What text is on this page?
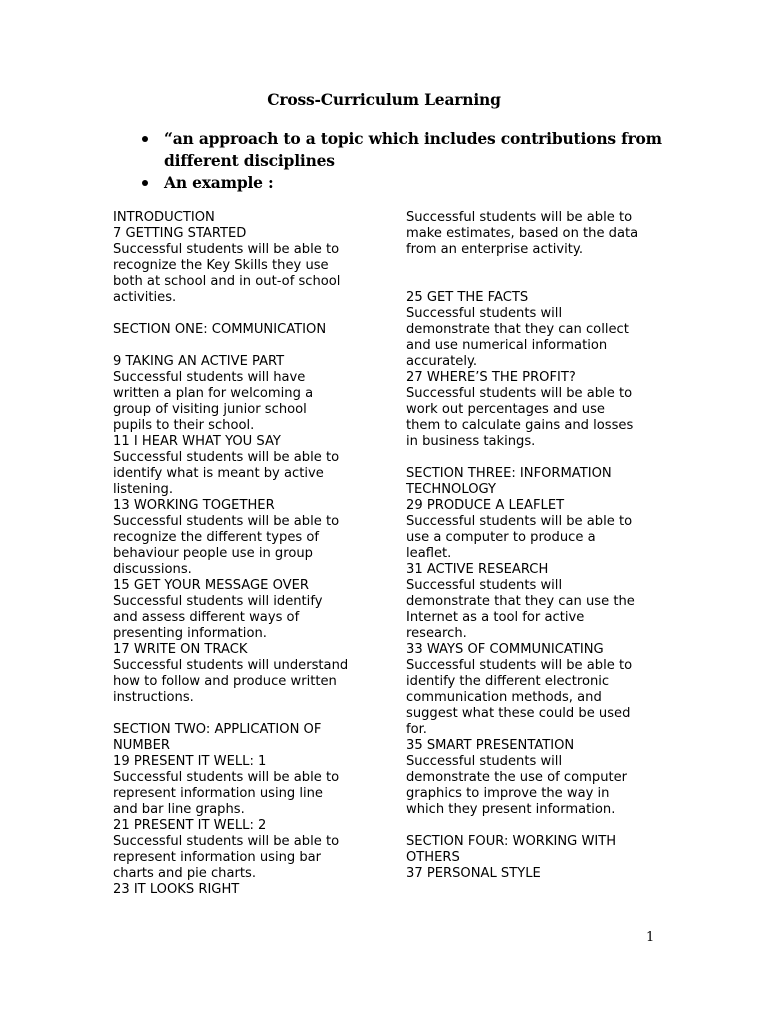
Cross-Curriculum Learning
“an approach to a topic which includes contributions from different disciplines
An example :
INTRODUCTION
7 GETTING STARTED
Successful students will be able to
recognize the Key Skills they use
both at school and in out-of school
activities.

SECTION ONE: COMMUNICATION

9 TAKING AN ACTIVE PART
Successful students will have
written a plan for welcoming a
group of visiting junior school
pupils to their school.
11 I HEAR WHAT YOU SAY
Successful students will be able to
identify what is meant by active
listening.
13 WORKING TOGETHER
Successful students will be able to
recognize the different types of
behaviour people use in group
discussions.
15 GET YOUR MESSAGE OVER
Successful students will identify
and assess different ways of
presenting information.
17 WRITE ON TRACK
Successful students will understand
how to follow and produce written
instructions.

SECTION TWO: APPLICATION OF
NUMBER
19 PRESENT IT WELL: 1
Successful students will be able to
represent information using line
and bar line graphs.
21 PRESENT IT WELL: 2
Successful students will be able to
represent information using bar
charts and pie charts.
23 IT LOOKS RIGHT
Successful students will be able to
make estimates, based on the data
from an enterprise activity.

25 GET THE FACTS
Successful students will
demonstrate that they can collect
and use numerical information
accurately.
27 WHERE’S THE PROFIT?
Successful students will be able to
work out percentages and use
them to calculate gains and losses
in business takings.

SECTION THREE: INFORMATION
TECHNOLOGY
29 PRODUCE A LEAFLET
Successful students will be able to
use a computer to produce a
leaflet.
31 ACTIVE RESEARCH
Successful students will
demonstrate that they can use the
Internet as a tool for active
research.
33 WAYS OF COMMUNICATING
Successful students will be able to
identify the different electronic
communication methods, and
suggest what these could be used
for.
35 SMART PRESENTATION
Successful students will
demonstrate the use of computer
graphics to improve the way in
which they present information.

SECTION FOUR: WORKING WITH
OTHERS
37 PERSONAL STYLE
1
